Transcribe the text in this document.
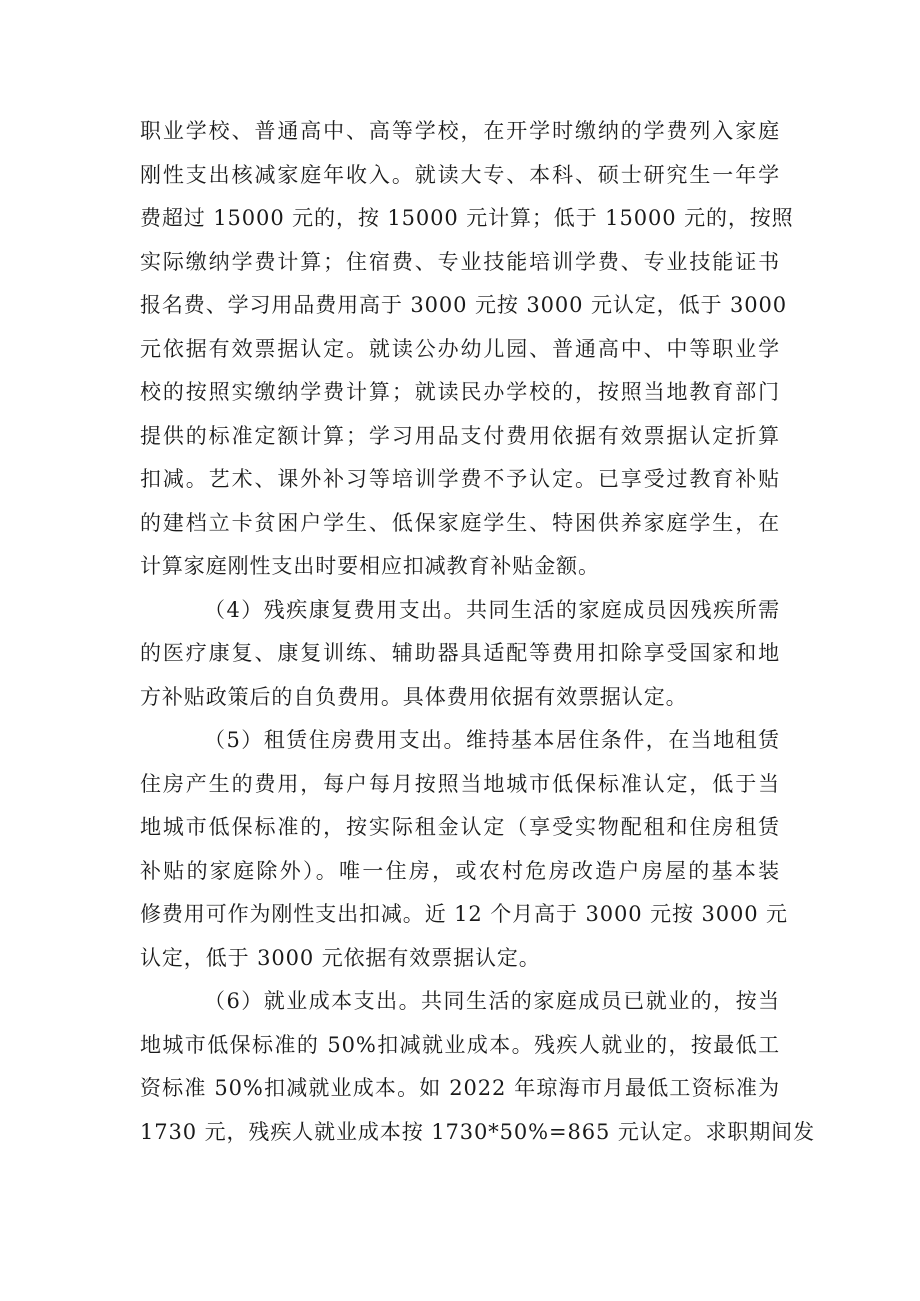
职业学校、普通高中、高等学校，在开学时缴纳的学费列入家庭
刚性支出核减家庭年收入。就读大专、本科、硕士研究生一年学
费超过 15000 元的，按 15000 元计算；低于 15000 元的，按照
实际缴纳学费计算；住宿费、专业技能培训学费、专业技能证书
报名费、学习用品费用高于 3000 元按 3000 元认定，低于 3000
元依据有效票据认定。就读公办幼儿园、普通高中、中等职业学
校的按照实缴纳学费计算；就读民办学校的，按照当地教育部门
提供的标准定额计算；学习用品支付费用依据有效票据认定折算
扣减。艺术、课外补习等培训学费不予认定。已享受过教育补贴
的建档立卡贫困户学生、低保家庭学生、特困供养家庭学生，在
计算家庭刚性支出时要相应扣减教育补贴金额。
（4）残疾康复费用支出。共同生活的家庭成员因残疾所需
的医疗康复、康复训练、辅助器具适配等费用扣除享受国家和地
方补贴政策后的自负费用。具体费用依据有效票据认定。
（5）租赁住房费用支出。维持基本居住条件，在当地租赁
住房产生的费用，每户每月按照当地城市低保标准认定，低于当
地城市低保标准的，按实际租金认定（享受实物配租和住房租赁
补贴的家庭除外）。唯一住房，或农村危房改造户房屋的基本装
修费用可作为刚性支出扣减。近 12 个月高于 3000 元按 3000 元
认定，低于 3000 元依据有效票据认定。
（6）就业成本支出。共同生活的家庭成员已就业的，按当
地城市低保标准的 50%扣减就业成本。残疾人就业的，按最低工
资标准 50%扣减就业成本。如 2022 年琼海市月最低工资标准为
1730 元，残疾人就业成本按 1730*50%=865 元认定。求职期间发
